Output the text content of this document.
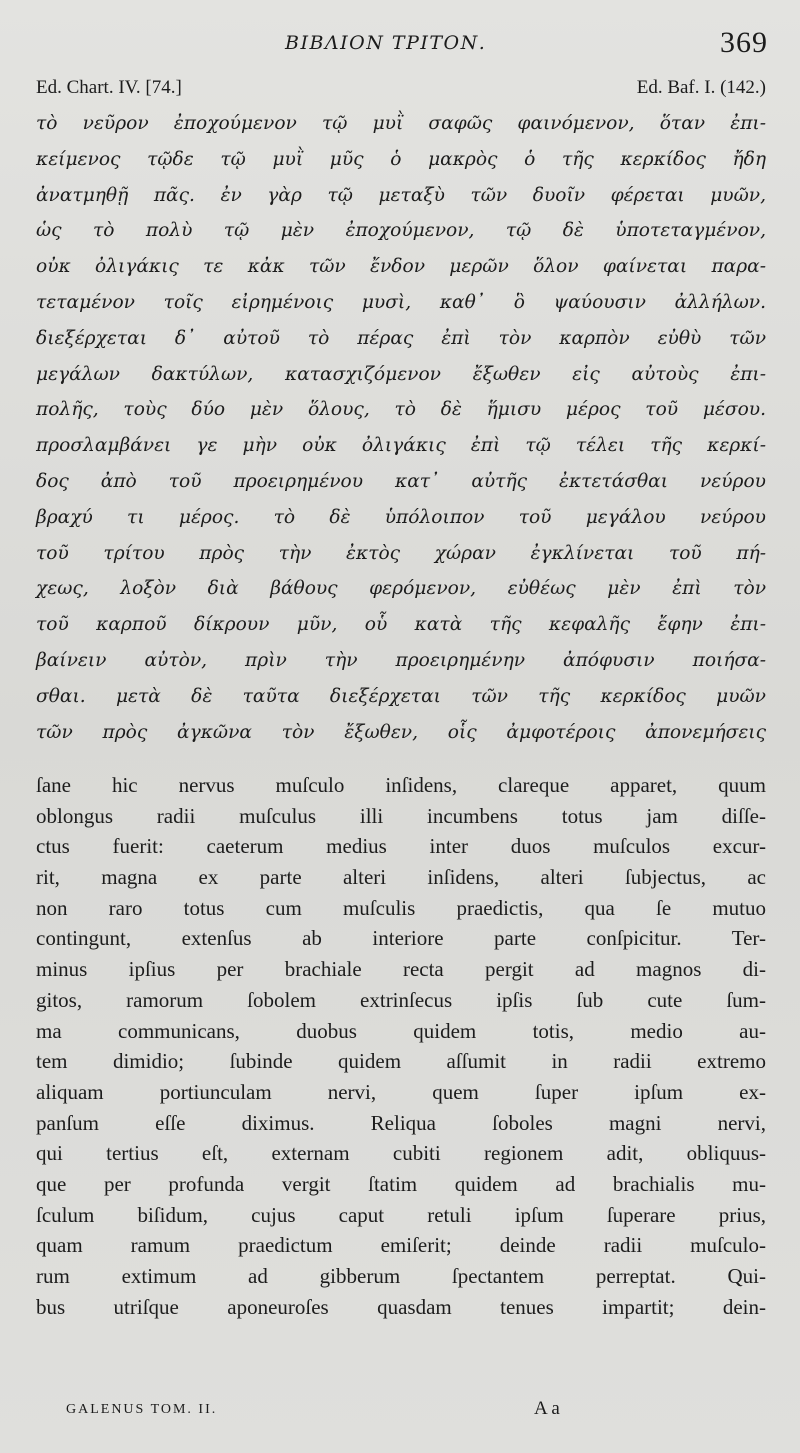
BIBΛΙΟΝ ΤΡΙΤΟΝ.	369
Ed. Chart. IV. [74.]	Ed. Baf. I. (142.)
τὸ νεῦρον ἐποχούμενον τῷ μυῒ σαφῶς φαινόμενον, ὅταν ἐπι-
κείμενος τῷδε τῷ μυῒ μῦς ὁ μακρὸς ὁ τῆς κερκίδος ἤδη
ἀνατμηθῇ πᾶς. ἐν γὰρ τῷ μεταξὺ τῶν δυοῖν φέρεται μυῶν,
ὡς τὸ πολὺ τῷ μὲν ἐποχούμενον, τῷ δὲ ὑποτεταγμένον,
οὐκ ὀλιγάκις τε κἀκ τῶν ἔνδον μερῶν ὅλον φαίνεται παρα-
τεταμένον τοῖς εἰρημένοις μυσὶ, καθ᾽ ὃ ψαύουσιν ἀλλήλων.
διεξέρχεται δ᾽ αὐτοῦ τὸ πέρας ἐπὶ τὸν καρπὸν εὐθὺ τῶν
μεγάλων δακτύλων, κατασχιζόμενον ἔξωθεν εἰς αὐτοὺς ἐπι-
πολῆς, τοὺς δύο μὲν ὅλους, τὸ δὲ ἥμισυ μέρος τοῦ μέσου.
προσλαμβάνει γε μὴν οὐκ ὀλιγάκις ἐπὶ τῷ τέλει τῆς κερκί-
δος ἀπὸ τοῦ προειρημένου κατ᾽ αὐτῆς ἐκτετάσθαι νεύρου
βραχύ τι μέρος. τὸ δὲ ὑπόλοιπον τοῦ μεγάλου νεύρου
τοῦ τρίτου πρὸς τὴν ἐκτὸς χώραν ἐγκλίνεται τοῦ πή-
χεως, λοξὸν διὰ βάθους φερόμενον, εὐθέως μὲν ἐπὶ τὸν
τοῦ καρποῦ δίκρουν μῦν, οὗ κατὰ τῆς κεφαλῆς ἔφην ἐπι-
βαίνειν αὐτὸν, πρὶν τὴν προειρημένην ἀπόφυσιν ποιήσα-
σθαι. μετὰ δὲ ταῦτα διεξέρχεται τῶν τῆς κερκίδος μυῶν
τῶν πρὸς ἀγκῶνα τὸν ἔξωθεν, οἷς ἀμφοτέροις ἀπονεμήσεις
ſane hic nervus muſculo inſidens, clareque apparet, quum
oblongus radii muſculus illi incumbens totus jam diſſe-
ctus fuerit: caeterum medius inter duos muſculos excur-
rit, magna ex parte alteri inſidens, alteri ſubjectus, ac
non raro totus cum muſculis praedictis, qua ſe mutuo
contingunt, extenſus ab interiore parte conſpicitur. Ter-
minus ipſius per brachiale recta pergit ad magnos di-
gitos, ramorum ſobolem extrinſecus ipſis ſub cute ſum-
ma communicans, duobus quidem totis, medio au-
tem dimidio; ſubinde quidem aſſumit in radii extremo
aliquam portiunculam nervi, quem ſuper ipſum ex-
panſum eſſe diximus. Reliqua ſoboles magni nervi,
qui tertius eſt, externam cubiti regionem adit, obliquus-
que per profunda vergit ſtatim quidem ad brachialis mu-
ſculum biſidum, cujus caput retuli ipſum ſuperare prius,
quam ramum praedictum emiſerit; deinde radii muſculo-
rum extimum ad gibberum ſpectantem perreptat. Qui-
bus utriſque aponeuroſes quasdam tenues impartit; dein-
GALENUS TOM. II.	A a
